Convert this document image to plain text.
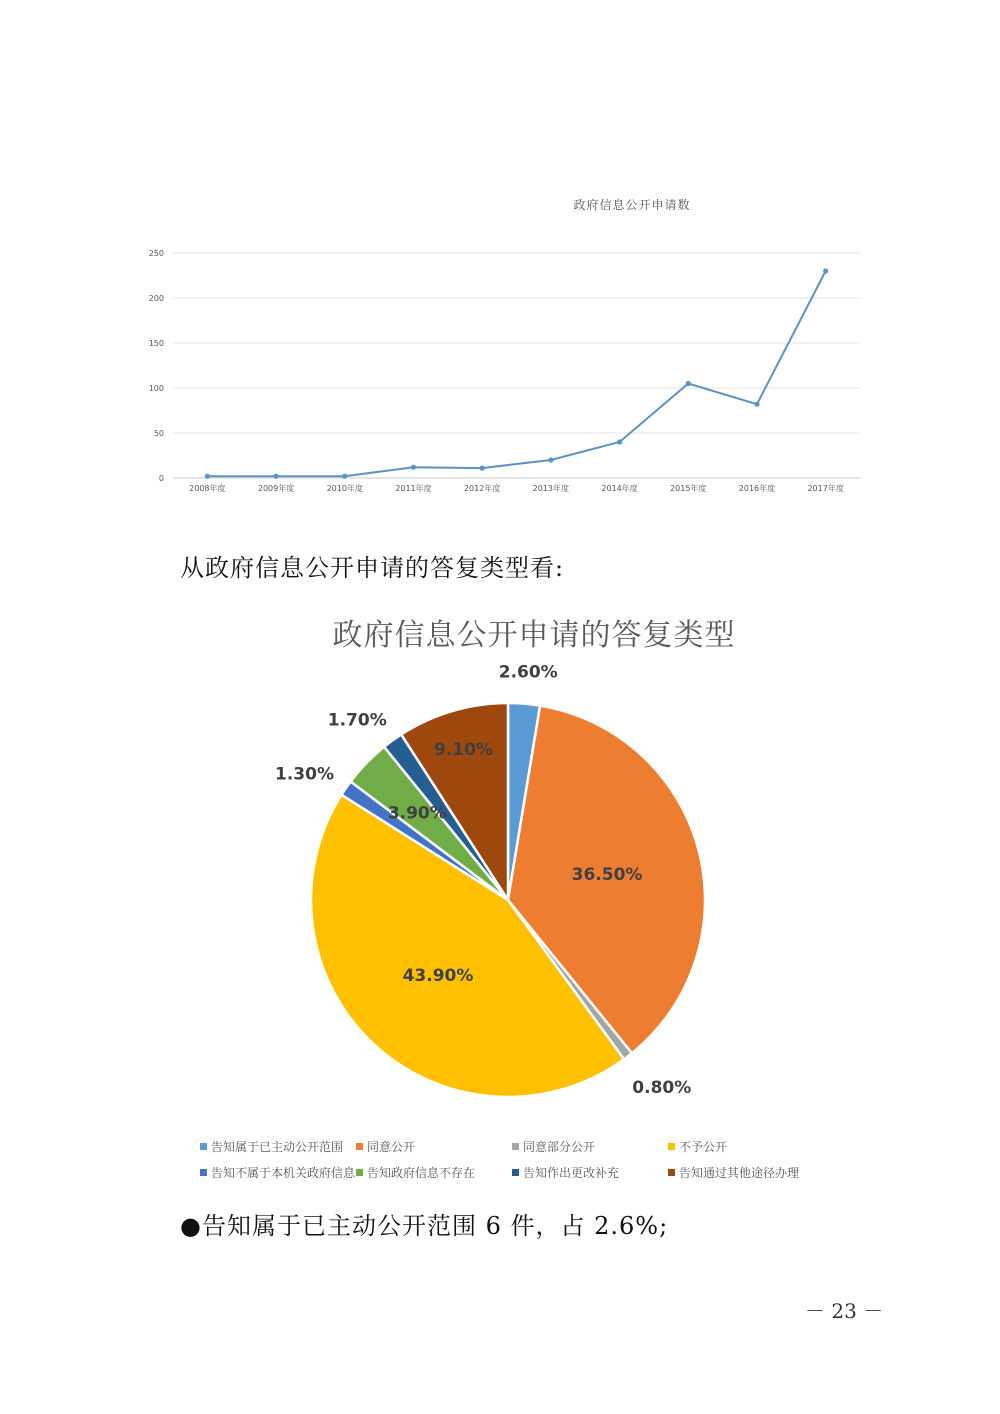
政府信息公开申请数
0
50
100
150
200
250
2008年度	2009年度	2010年度	2011年度	2012年度	2013年度	2014年度	2015年度	2016年度	2017年度
从政府信息公开申请的答复类型看:
政府信息公开申请的答复类型
2.60%
36.50%
0.80%
43.90%
1.30%
3.90%
1.70%
9.10%
告知属于已主动公开范围 同意公开	同意部分公开	不予公开
告知不属于本机关政府信息 告知政府信息不存在	告知作出更改补充	告知通过其他途径办理
●告知属于已主动公开范围 6 件，占 2.6%;
－ 23 －
